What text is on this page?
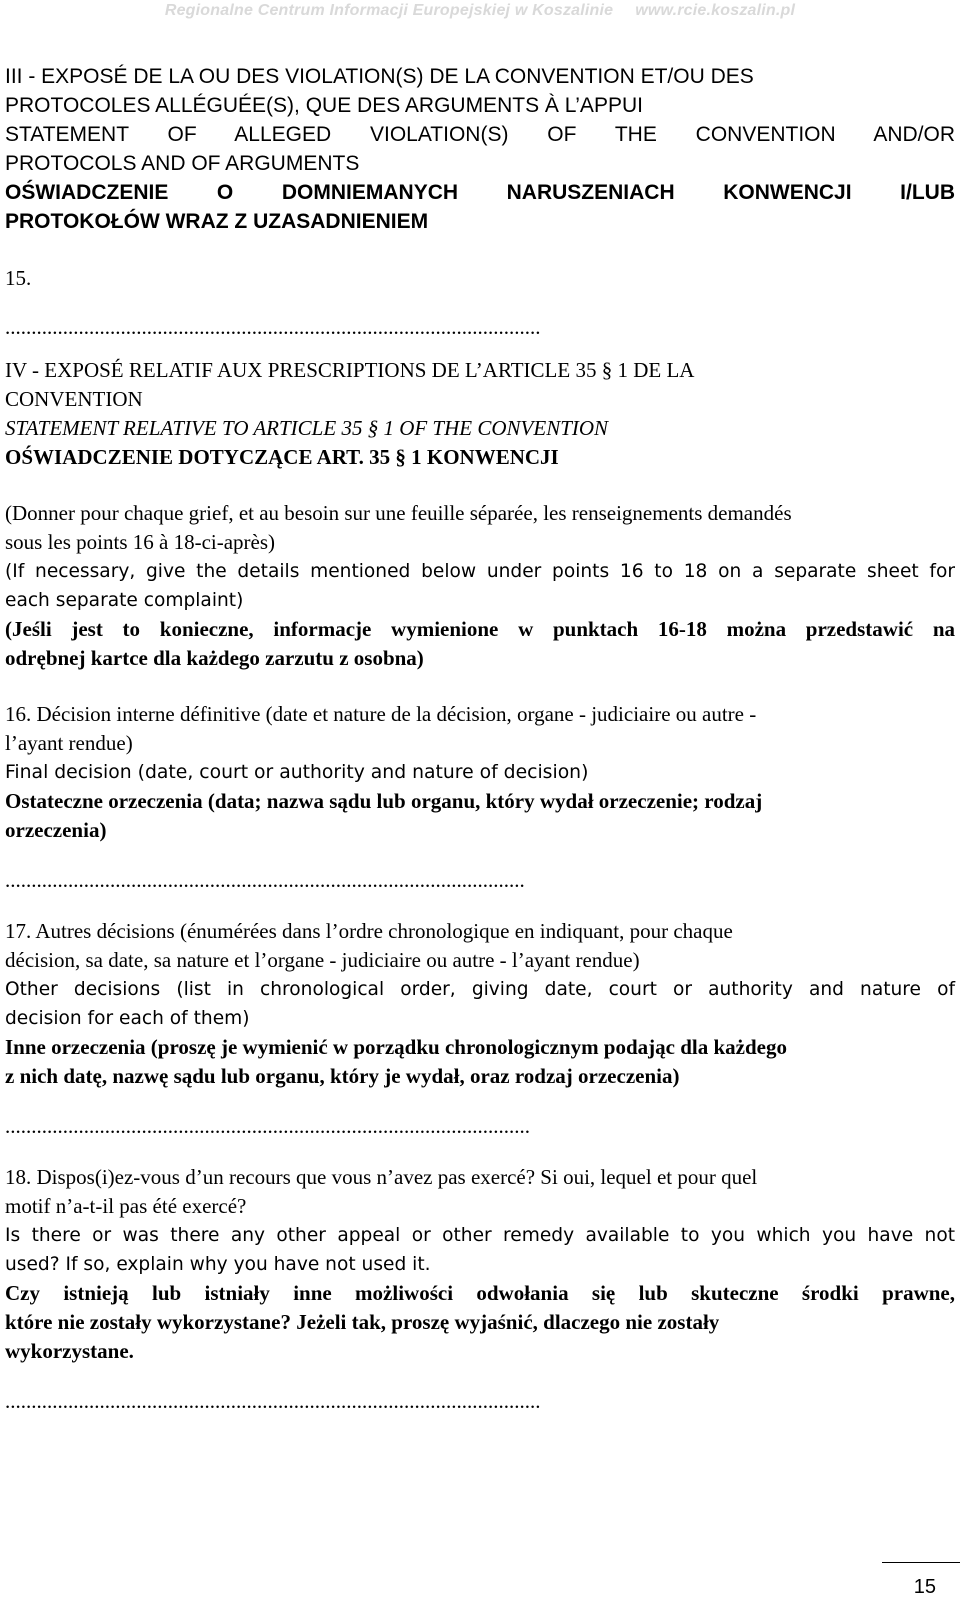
Regionalne Centrum Informacji Europejskiej w Koszalinie www.rcie.koszalin.pl
III - EXPOSÉ DE LA OU DES VIOLATION(S) DE LA CONVENTION ET/OU DES
PROTOCOLES ALLÉGUÉE(S), QUE DES ARGUMENTS À L’APPUI
STATEMENT OF ALLEGED VIOLATION(S) OF THE CONVENTION AND/OR
PROTOCOLS AND OF ARGUMENTS
OŚWIADCZENIE O DOMNIEMANYCH NARUSZENIACH KONWENCJI I/LUB
PROTOKOŁÓW WRAZ Z UZASADNIENIEM
15.
......................................................................................................
IV - EXPOSÉ RELATIF AUX PRESCRIPTIONS DE L’ARTICLE 35 § 1 DE LA
CONVENTION
STATEMENT RELATIVE TO ARTICLE 35 § 1 OF THE CONVENTION
OŚWIADCZENIE DOTYCZĄCE ART. 35 § 1 KONWENCJI
(Donner pour chaque grief, et au besoin sur une feuille séparée, les renseignements demandés
sous les points 16 à 18-ci-après)
(If necessary, give the details mentioned below under points 16 to 18 on a separate sheet for
each separate complaint)
(Jeśli jest to konieczne, informacje wymienione w punktach 16-18 można przedstawić na
odrębnej kartce dla każdego zarzutu z osobna)
16. Décision interne définitive (date et nature de la décision, organe - judiciaire ou autre -
l’ayant rendue)
Final decision (date, court or authority and nature of decision)
Ostateczne orzeczenia (data; nazwa sądu lub organu, który wydał orzeczenie; rodzaj
orzeczenia)
...................................................................................................
17. Autres décisions (énumérées dans l’ordre chronologique en indiquant, pour chaque
décision, sa date, sa nature et l’organe - judiciaire ou autre - l’ayant rendue)
Other decisions (list in chronological order, giving date, court or authority and nature of
decision for each of them)
Inne orzeczenia (proszę je wymienić w porządku chronologicznym podając dla każdego
z nich datę, nazwę sądu lub organu, który je wydał, oraz rodzaj orzeczenia)
....................................................................................................
18. Dispos(i)ez-vous d’un recours que vous n’avez pas exercé? Si oui, lequel et pour quel
motif n’a-t-il pas été exercé?
Is there or was there any other appeal or other remedy available to you which you have not
used? If so, explain why you have not used it.
Czy istnieją lub istniały inne możliwości odwołania się lub skuteczne środki prawne,
które nie zostały wykorzystane? Jeżeli tak, proszę wyjaśnić, dlaczego nie zostały
wykorzystane.
......................................................................................................
15
